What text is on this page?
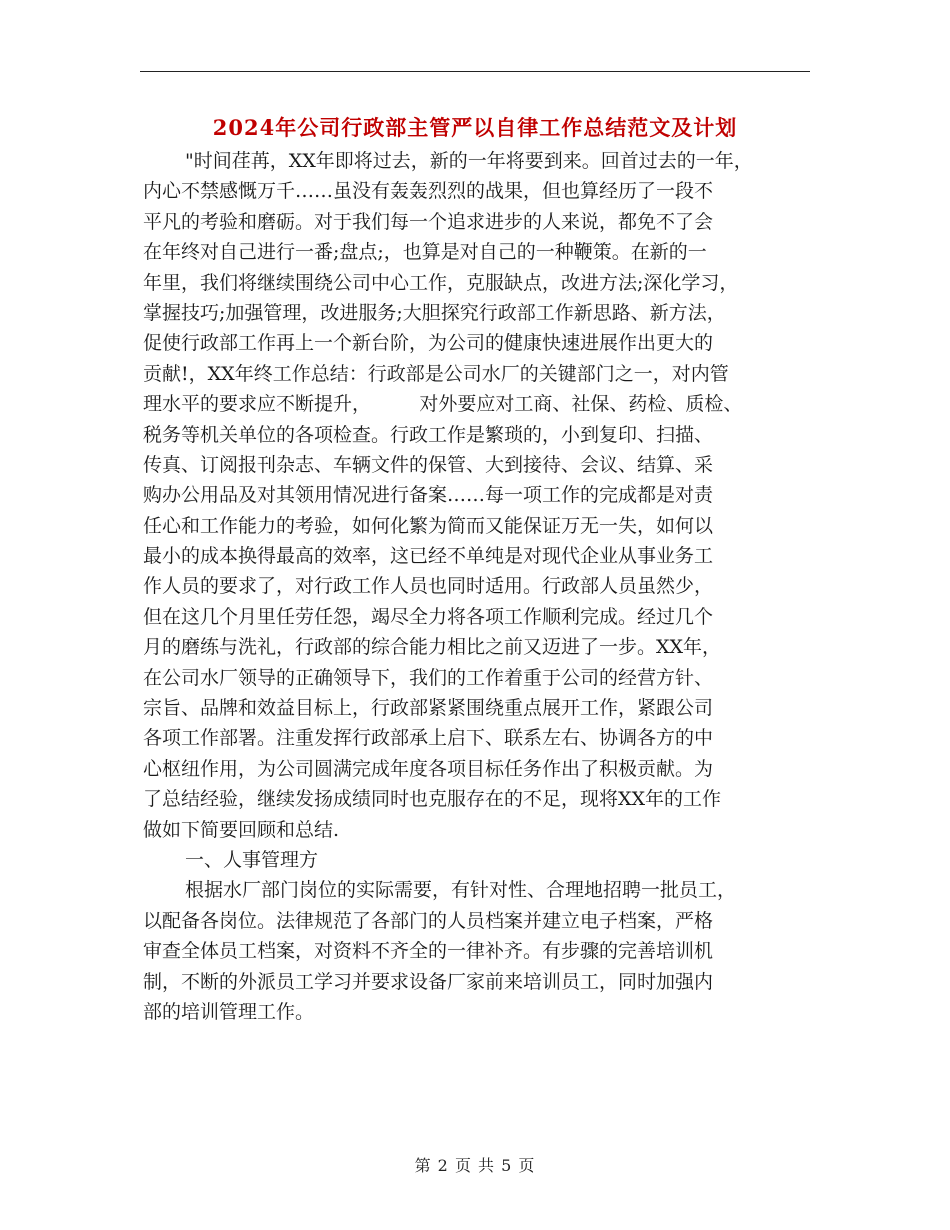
2024年公司行政部主管严以自律工作总结范文及计划
"时间荏苒，XX年即将过去，新的一年将要到来。回首过去的一年，
内心不禁感慨万千……虽没有轰轰烈烈的战果，但也算经历了一段不
平凡的考验和磨砺。对于我们每一个追求进步的人来说，都免不了会
在年终对自己进行一番;盘点;，也算是对自己的一种鞭策。在新的一
年里，我们将继续围绕公司中心工作，克服缺点，改进方法;深化学习，
掌握技巧;加强管理，改进服务;大胆探究行政部工作新思路、新方法，
促使行政部工作再上一个新台阶，为公司的健康快速进展作出更大的
贡献!，XX年终工作总结：行政部是公司水厂的关键部门之一，对内管
理水平的要求应不断提升，        对外要应对工商、社保、药检、质检、
税务等机关单位的各项检查。行政工作是繁琐的，小到复印、扫描、
传真、订阅报刊杂志、车辆文件的保管、大到接待、会议、结算、采
购办公用品及对其领用情况进行备案……每一项工作的完成都是对责
任心和工作能力的考验，如何化繁为简而又能保证万无一失，如何以
最小的成本换得最高的效率，这已经不单纯是对现代企业从事业务工
作人员的要求了，对行政工作人员也同时适用。行政部人员虽然少，
但在这几个月里任劳任怨，竭尽全力将各项工作顺利完成。经过几个
月的磨练与洗礼，行政部的综合能力相比之前又迈进了一步。XX年，
在公司水厂领导的正确领导下，我们的工作着重于公司的经营方针、
宗旨、品牌和效益目标上，行政部紧紧围绕重点展开工作，紧跟公司
各项工作部署。注重发挥行政部承上启下、联系左右、协调各方的中
心枢纽作用，为公司圆满完成年度各项目标任务作出了积极贡献。为
了总结经验，继续发扬成绩同时也克服存在的不足，现将XX年的工作
做如下简要回顾和总结.
一、人事管理方
根据水厂部门岗位的实际需要，有针对性、合理地招聘一批员工，
以配备各岗位。法律规范了各部门的人员档案并建立电子档案，严格
审查全体员工档案，对资料不齐全的一律补齐。有步骤的完善培训机
制，不断的外派员工学习并要求设备厂家前来培训员工，同时加强内
部的培训管理工作。
第 2 页 共 5 页
